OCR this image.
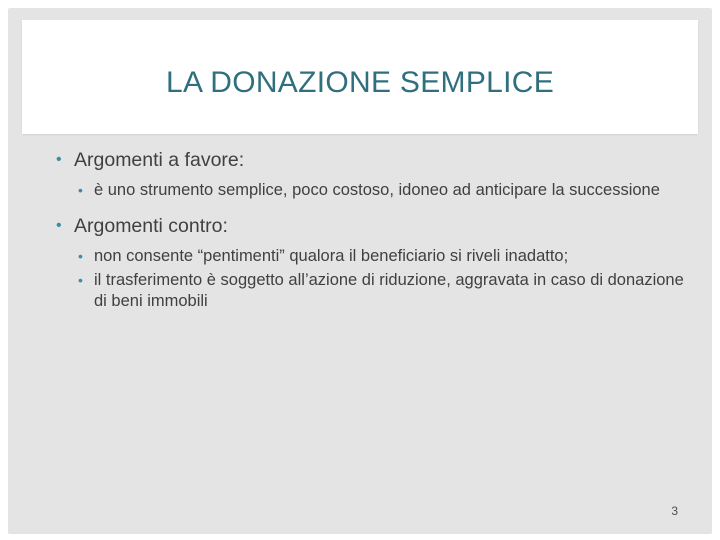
LA DONAZIONE SEMPLICE
• Argomenti a favore:
• è uno strumento semplice, poco costoso, idoneo ad anticipare la successione
• Argomenti contro:
• non consente “pentimenti” qualora il beneficiario si riveli inadatto;
• il trasferimento è soggetto all’azione di riduzione, aggravata in caso di donazione di beni immobili
3
